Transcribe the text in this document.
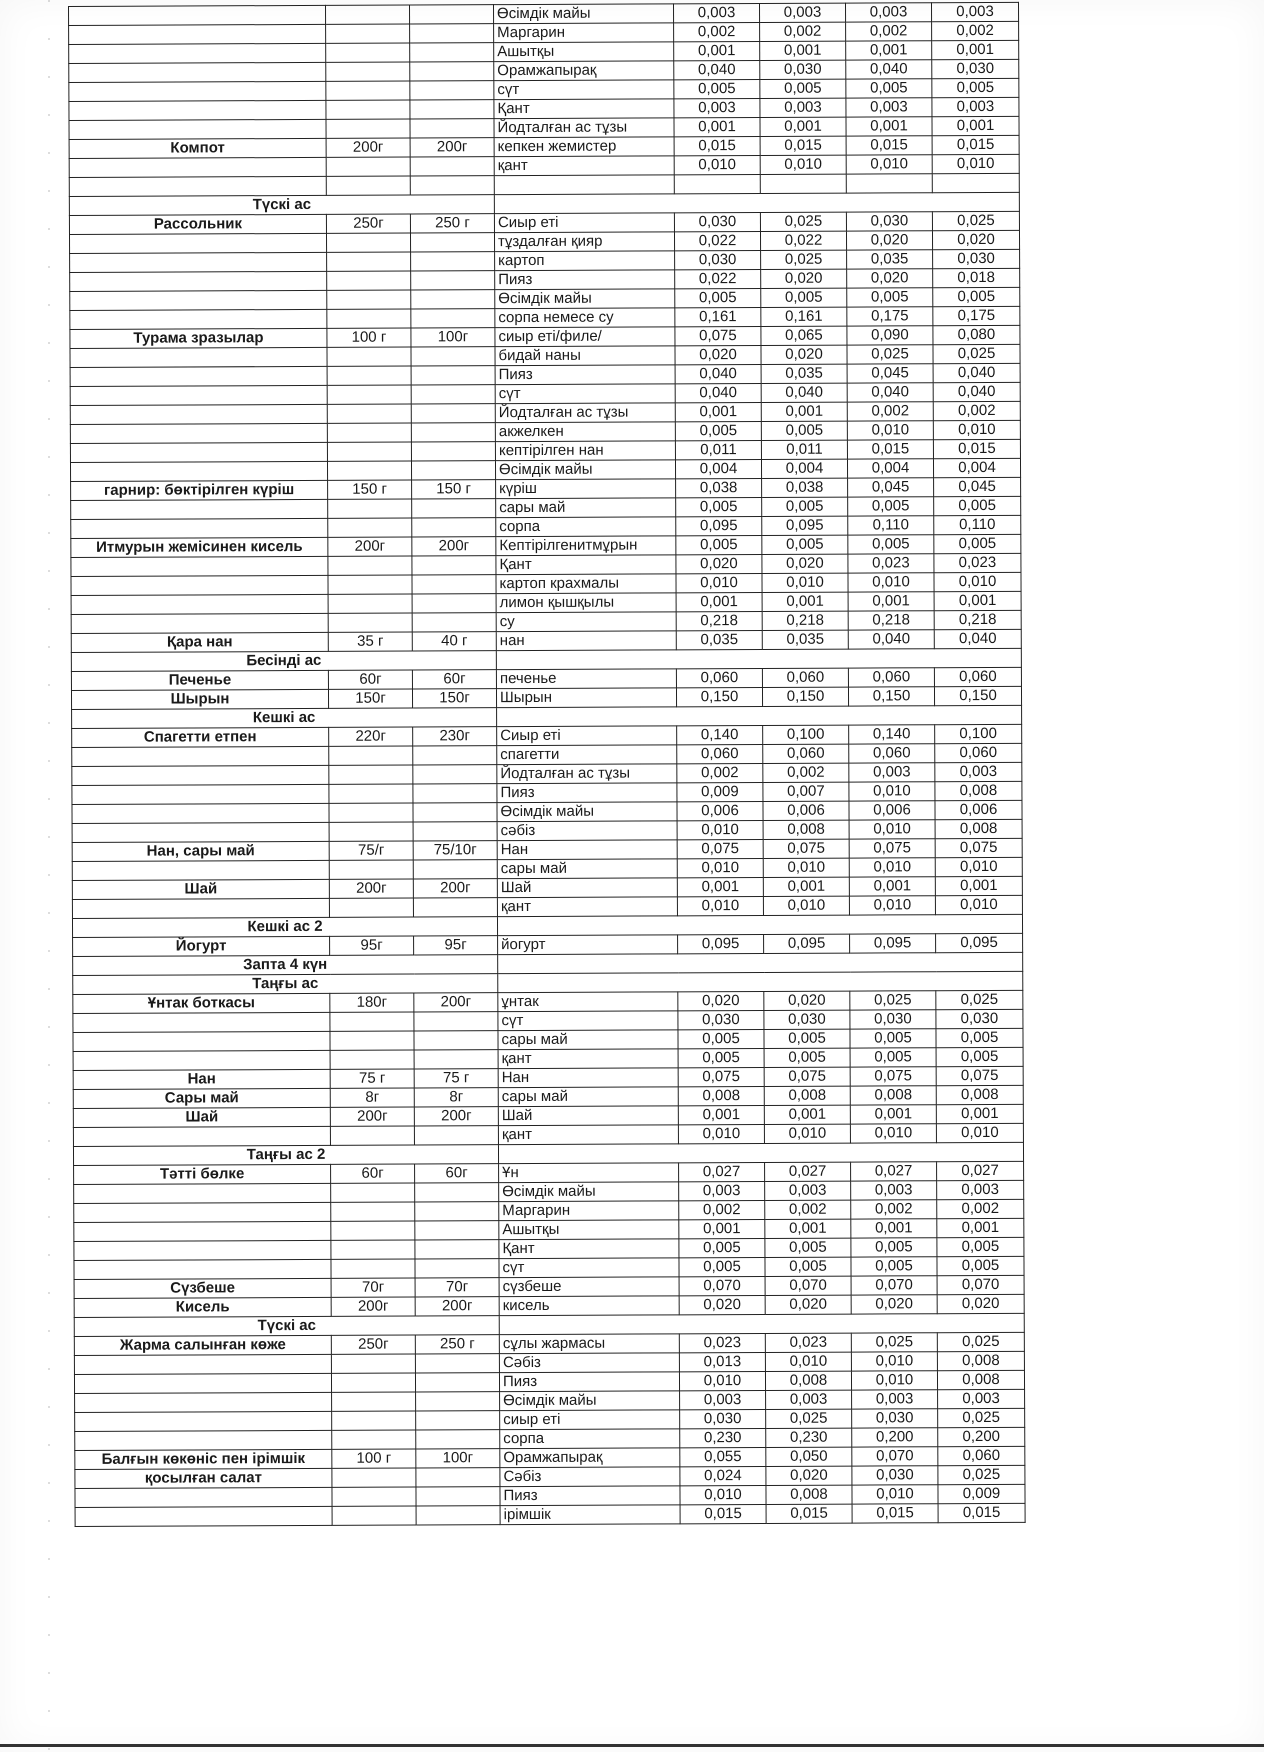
			Өсімдік майы	0,003	0,003	0,003	0,003
			Маргарин	0,002	0,002	0,002	0,002
			Ашытқы	0,001	0,001	0,001	0,001
			Орамжапырақ	0,040	0,030	0,040	0,030
			сүт	0,005	0,005	0,005	0,005
			Қант	0,003	0,003	0,003	0,003
			Йодталған ас тұзы	0,001	0,001	0,001	0,001
Компот	200г	200г	кепкен жемистер	0,015	0,015	0,015	0,015
			қант	0,010	0,010	0,010	0,010

Түскі ас							
Рассольник	250г	250 г	Сиыр еті	0,030	0,025	0,030	0,025
			тұздалған қияр	0,022	0,022	0,020	0,020
			картоп	0,030	0,025	0,035	0,030
			Пияз	0,022	0,020	0,020	0,018
			Өсімдік майы	0,005	0,005	0,005	0,005
			сорпа немесе су	0,161	0,161	0,175	0,175
Турама зразылар	100 г	100г	сиыр еті/филе/	0,075	0,065	0,090	0,080
			бидай наны	0,020	0,020	0,025	0,025
			Пияз	0,040	0,035	0,045	0,040
			сүт	0,040	0,040	0,040	0,040
			Йодталған ас тұзы	0,001	0,001	0,002	0,002
			акжелкен	0,005	0,005	0,010	0,010
			кептірілген нан	0,011	0,011	0,015	0,015
			Өсімдік майы	0,004	0,004	0,004	0,004
гарнир: бөктірілген күріш	150 г	150 г	күріш	0,038	0,038	0,045	0,045
			сары май	0,005	0,005	0,005	0,005
			сорпа	0,095	0,095	0,110	0,110
Итмурын жемісинен кисель	200г	200г	Кептірілгенитмұрын	0,005	0,005	0,005	0,005
			Қант	0,020	0,020	0,023	0,023
			картоп крахмалы	0,010	0,010	0,010	0,010
			лимон қышқылы	0,001	0,001	0,001	0,001
			су	0,218	0,218	0,218	0,218
Қара нан	35 г	40 г	нан	0,035	0,035	0,040	0,040
Бесінді ас							
Печенье	60г	60г	печенье	0,060	0,060	0,060	0,060
Шырын	150г	150г	Шырын	0,150	0,150	0,150	0,150
Кешкі ас							
Спагетти етпен	220г	230г	Сиыр еті	0,140	0,100	0,140	0,100
			спагетти	0,060	0,060	0,060	0,060
			Йодталған ас тұзы	0,002	0,002	0,003	0,003
			Пияз	0,009	0,007	0,010	0,008
			Өсімдік майы	0,006	0,006	0,006	0,006
			сәбіз	0,010	0,008	0,010	0,008
Нан, сары май	75/г	75/10г	Нан	0,075	0,075	0,075	0,075
			сары май	0,010	0,010	0,010	0,010
Шай	200г	200г	Шай	0,001	0,001	0,001	0,001
			қант	0,010	0,010	0,010	0,010
Кешкі ас 2							
Йогурт	95г	95г	йогурт	0,095	0,095	0,095	0,095
Запта 4 күн							
Таңғы ас							
Ұнтак боткасы	180г	200г	ұнтак	0,020	0,020	0,025	0,025
			сүт	0,030	0,030	0,030	0,030
			сары май	0,005	0,005	0,005	0,005
			қант	0,005	0,005	0,005	0,005
Нан	75 г	75 г	Нан	0,075	0,075	0,075	0,075
Сары май	8г	8г	сары май	0,008	0,008	0,008	0,008
Шай	200г	200г	Шай	0,001	0,001	0,001	0,001
			қант	0,010	0,010	0,010	0,010
Таңғы ас 2							
Тәтті бөлке	60г	60г	Ұн	0,027	0,027	0,027	0,027
			Өсімдік майы	0,003	0,003	0,003	0,003
			Маргарин	0,002	0,002	0,002	0,002
			Ашытқы	0,001	0,001	0,001	0,001
			Қант	0,005	0,005	0,005	0,005
			сүт	0,005	0,005	0,005	0,005
Сүзбеше	70г	70г	сүзбеше	0,070	0,070	0,070	0,070
Кисель	200г	200г	кисель	0,020	0,020	0,020	0,020
Түскі ас							
Жарма салынған көже	250г	250 г	сұлы жармасы	0,023	0,023	0,025	0,025
			Сәбіз	0,013	0,010	0,010	0,008
			Пияз	0,010	0,008	0,010	0,008
			Өсімдік майы	0,003	0,003	0,003	0,003
			сиыр еті	0,030	0,025	0,030	0,025
			сорпа	0,230	0,230	0,200	0,200
Балғын көкөніс пен ірімшік	100 г	100г	Орамжапырақ	0,055	0,050	0,070	0,060
қосылған салат			Сәбіз	0,024	0,020	0,030	0,025
			Пияз	0,010	0,008	0,010	0,009
			ірімшік	0,015	0,015	0,015	0,015
